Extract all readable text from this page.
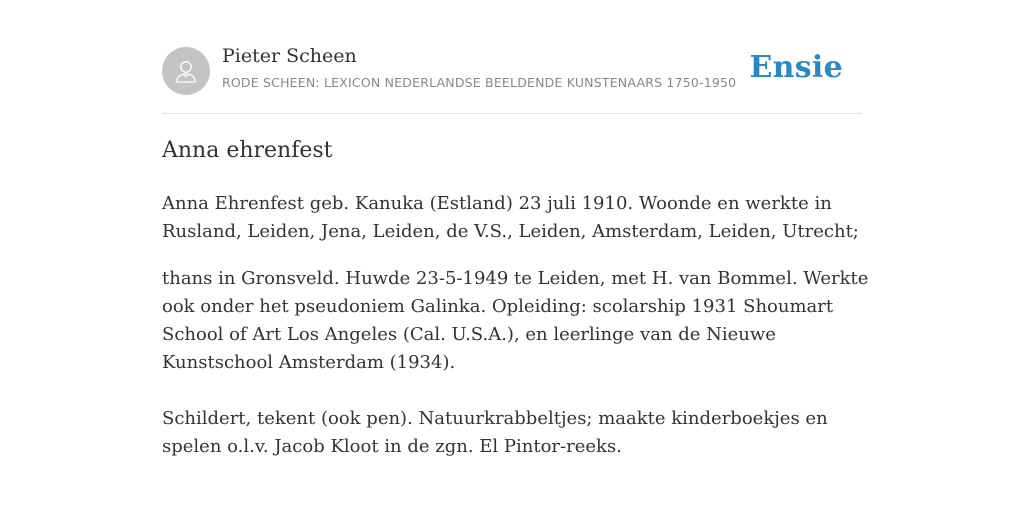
Pieter Scheen
RODE SCHEEN: LEXICON NEDERLANDSE BEELDENDE KUNSTENAARS 1750-1950 Ensie
Anna ehrenfest

Anna Ehrenfest geb. Kanuka (Estland) 23 juli 1910. Woonde en werkte in Rusland, Leiden, Jena, Leiden, de V.S., Leiden, Amsterdam, Leiden, Utrecht;

thans in Gronsveld. Huwde 23-5-1949 te Leiden, met H. van Bommel. Werkte ook onder het pseudoniem Galinka. Opleiding: scolarship 1931 Shoumart School of Art Los Angeles (Cal. U.S.A.), en leerlinge van de Nieuwe Kunstschool Amsterdam (1934).

Schildert, tekent (ook pen). Natuurkrabbeltjes; maakte kinderboekjes en spelen o.l.v. Jacob Kloot in de zgn. El Pintor-reeks.
